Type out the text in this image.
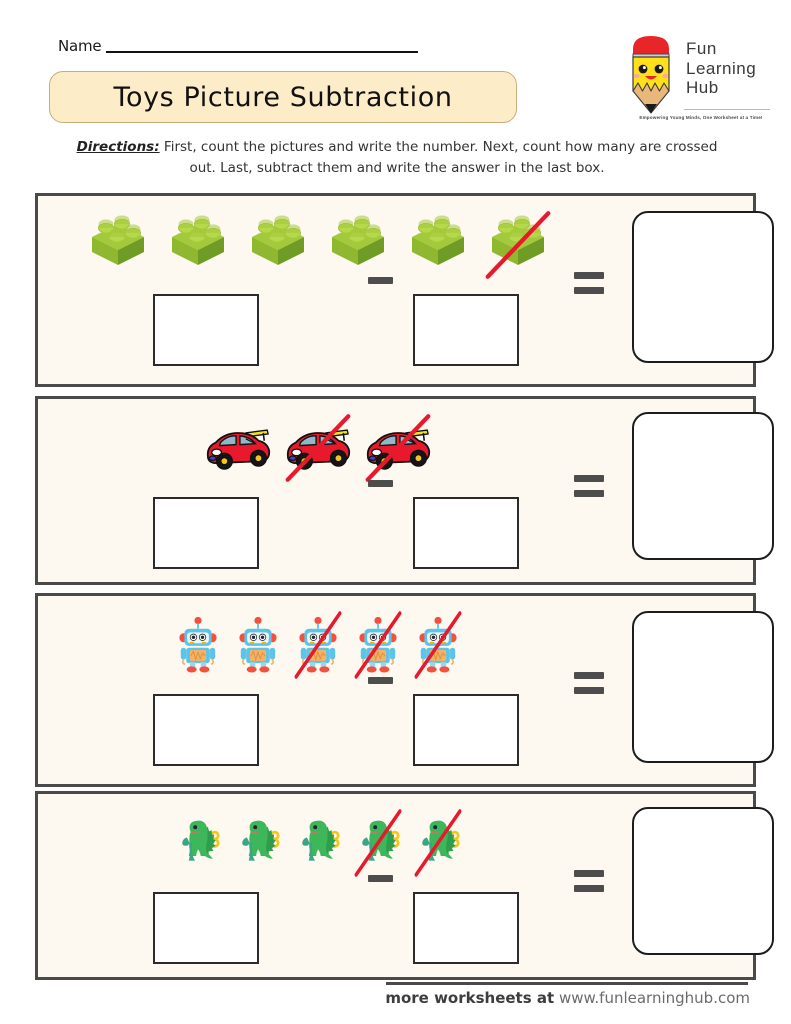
Name
Toys Picture Subtraction
Fun
Learning
Hub
Empowering Young Minds, One Worksheet at a Time!
Directions: First, count the pictures and write the number. Next, count how many are crossed
out. Last, subtract them and write the answer in the last box.
more worksheets at www.funlearninghub.com
